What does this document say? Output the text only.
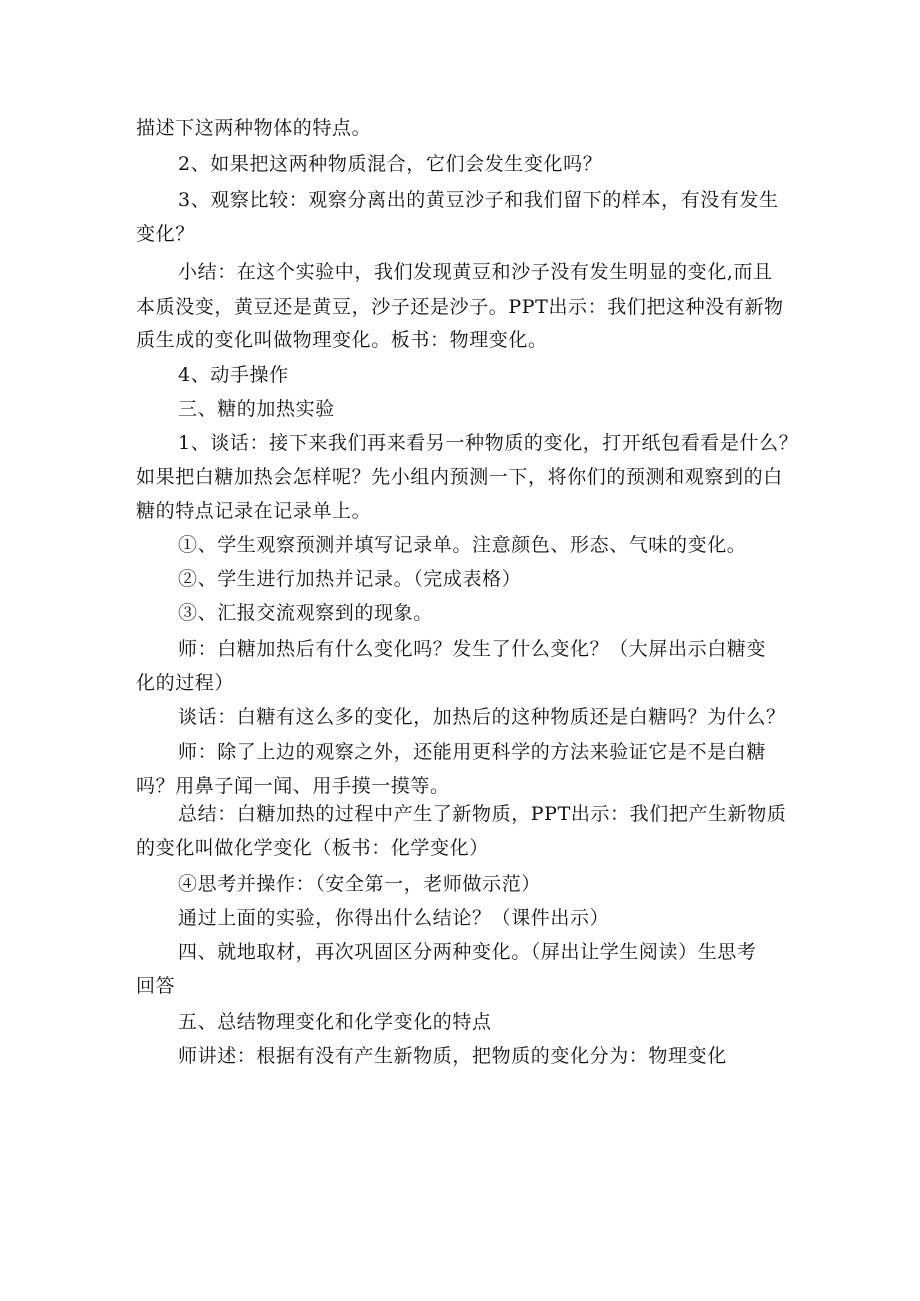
描述下这两种物体的特点。
2、如果把这两种物质混合，它们会发生变化吗？
3、观察比较：观察分离出的黄豆沙子和我们留下的样本，有没有发生
变化？
小结：在这个实验中，我们发现黄豆和沙子没有发生明显的变化,而且
本质没变，黄豆还是黄豆，沙子还是沙子。PPT出示：我们把这种没有新物
质生成的变化叫做物理变化。板书：物理变化。
4、动手操作
三、糖的加热实验
1、谈话：接下来我们再来看另一种物质的变化，打开纸包看看是什么？
如果把白糖加热会怎样呢？先小组内预测一下，将你们的预测和观察到的白
糖的特点记录在记录单上。
①、学生观察预测并填写记录单。注意颜色、形态、气味的变化。
②、学生进行加热并记录。（完成表格）
③、汇报交流观察到的现象。
师：白糖加热后有什么变化吗？发生了什么变化？（大屏出示白糖变
化的过程）
谈话：白糖有这么多的变化，加热后的这种物质还是白糖吗？为什么？
师：除了上边的观察之外，还能用更科学的方法来验证它是不是白糖
吗？用鼻子闻一闻、用手摸一摸等。
总结：白糖加热的过程中产生了新物质，PPT出示：我们把产生新物质
的变化叫做化学变化（板书：化学变化）
④思考并操作：（安全第一，老师做示范）
通过上面的实验，你得出什么结论？（课件出示）
四、就地取材，再次巩固区分两种变化。（屏出让学生阅读）生思考
回答
五、总结物理变化和化学变化的特点
师讲述：根据有没有产生新物质，把物质的变化分为：物理变化
